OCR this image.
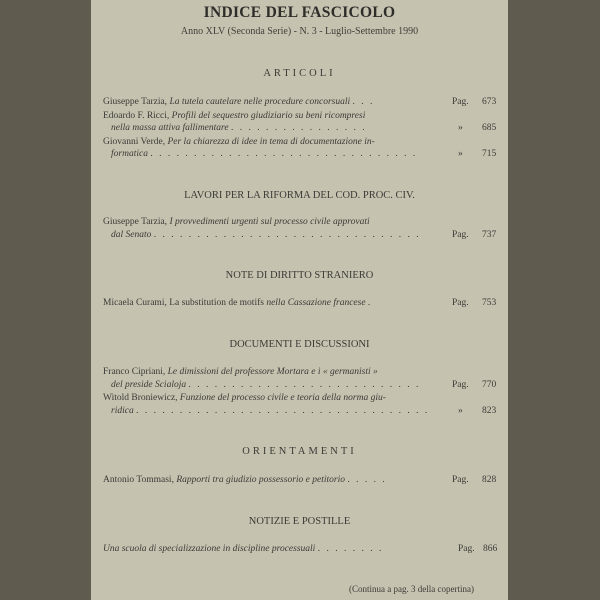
INDICE DEL FASCICOLO
Anno XLV (Seconda Serie) - N. 3 - Luglio-Settembre 1990
ARTICOLI
Giuseppe Tarzia, La tutela cautelare nelle procedure concorsuali . . .	Pag. 673
Edoardo F. Ricci, Profili del sequestro giudiziario su beni ricompresi
nella massa attiva fallimentare . . . . . . . . . . . . . . . .	» 685
Giovanni Verde, Per la chiarezza di idee in tema di documentazione in-
formatica . . . . . . . . . . . . . . . . . . . . . . . . . . . . . . .	» 715
LAVORI PER LA RIFORMA DEL COD. PROC. CIV.
Giuseppe Tarzia, I provvedimenti urgenti sul processo civile approvati
dal Senato . . . . . . . . . . . . . . . . . . . . . . . . . . . . . . .	Pag. 737
NOTE DI DIRITTO STRANIERO
Micaela Curami, La substitution de motifs nella Cassazione francese .	Pag. 753
DOCUMENTI E DISCUSSIONI
Franco Cipriani, Le dimissioni del professore Mortara e i « germanisti »
del preside Scialoja . . . . . . . . . . . . . . . . . . . . . . . . . . .	Pag. 770
Witold Broniewicz, Funzione del processo civile e teoria della norma giu-
ridica . . . . . . . . . . . . . . . . . . . . . . . . . . . . . . . . . .	» 823
ORIENTAMENTI
Antonio Tommasi, Rapporti tra giudizio possessorio e petitorio . . . . .	Pag. 828
NOTIZIE E POSTILLE
Una scuola di specializzazione in discipline processuali . . . . . . . .	Pag. 866
(Continua a pag. 3 della copertina)
